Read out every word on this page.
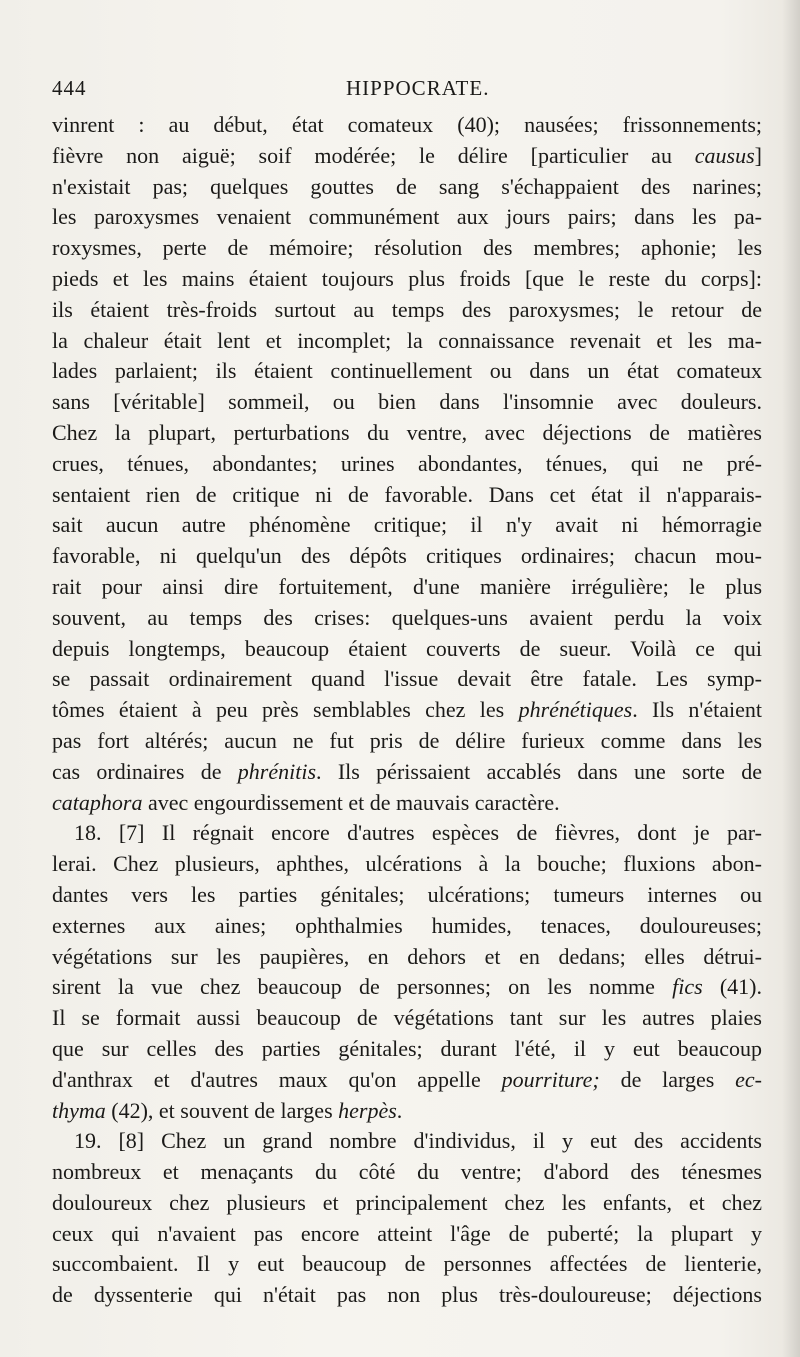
444	HIPPOCRATE.
vinrent : au début, état comateux (40); nausées; frissonnements;
fièvre non aiguë; soif modérée; le délire [particulier au causus]
n'existait pas; quelques gouttes de sang s'échappaient des narines;
les paroxysmes venaient communément aux jours pairs; dans les pa-
roxysmes, perte de mémoire; résolution des membres; aphonie; les
pieds et les mains étaient toujours plus froids [que le reste du corps]:
ils étaient très-froids surtout au temps des paroxysmes; le retour de
la chaleur était lent et incomplet; la connaissance revenait et les ma-
lades parlaient; ils étaient continuellement ou dans un état comateux
sans [véritable] sommeil, ou bien dans l'insomnie avec douleurs.
Chez la plupart, perturbations du ventre, avec déjections de matières
crues, ténues, abondantes; urines abondantes, ténues, qui ne pré-
sentaient rien de critique ni de favorable. Dans cet état il n'apparais-
sait aucun autre phénomène critique; il n'y avait ni hémorragie
favorable, ni quelqu'un des dépôts critiques ordinaires; chacun mou-
rait pour ainsi dire fortuitement, d'une manière irrégulière; le plus
souvent, au temps des crises: quelques-uns avaient perdu la voix
depuis longtemps, beaucoup étaient couverts de sueur. Voilà ce qui
se passait ordinairement quand l'issue devait être fatale. Les symp-
tômes étaient à peu près semblables chez les phrénétiques. Ils n'étaient
pas fort altérés; aucun ne fut pris de délire furieux comme dans les
cas ordinaires de phrénitis. Ils périssaient accablés dans une sorte de
cataphora avec engourdissement et de mauvais caractère.
18. [7] Il régnait encore d'autres espèces de fièvres, dont je par-
lerai. Chez plusieurs, aphthes, ulcérations à la bouche; fluxions abon-
dantes vers les parties génitales; ulcérations; tumeurs internes ou
externes aux aines; ophthalmies humides, tenaces, douloureuses;
végétations sur les paupières, en dehors et en dedans; elles détrui-
sirent la vue chez beaucoup de personnes; on les nomme fics (41).
Il se formait aussi beaucoup de végétations tant sur les autres plaies
que sur celles des parties génitales; durant l'été, il y eut beaucoup
d'anthrax et d'autres maux qu'on appelle pourriture; de larges ec-
thyma (42), et souvent de larges herpès.
19. [8] Chez un grand nombre d'individus, il y eut des accidents
nombreux et menaçants du côté du ventre; d'abord des ténesmes
douloureux chez plusieurs et principalement chez les enfants, et chez
ceux qui n'avaient pas encore atteint l'âge de puberté; la plupart y
succombaient. Il y eut beaucoup de personnes affectées de lienterie,
de dyssenterie qui n'était pas non plus très-douloureuse; déjections
